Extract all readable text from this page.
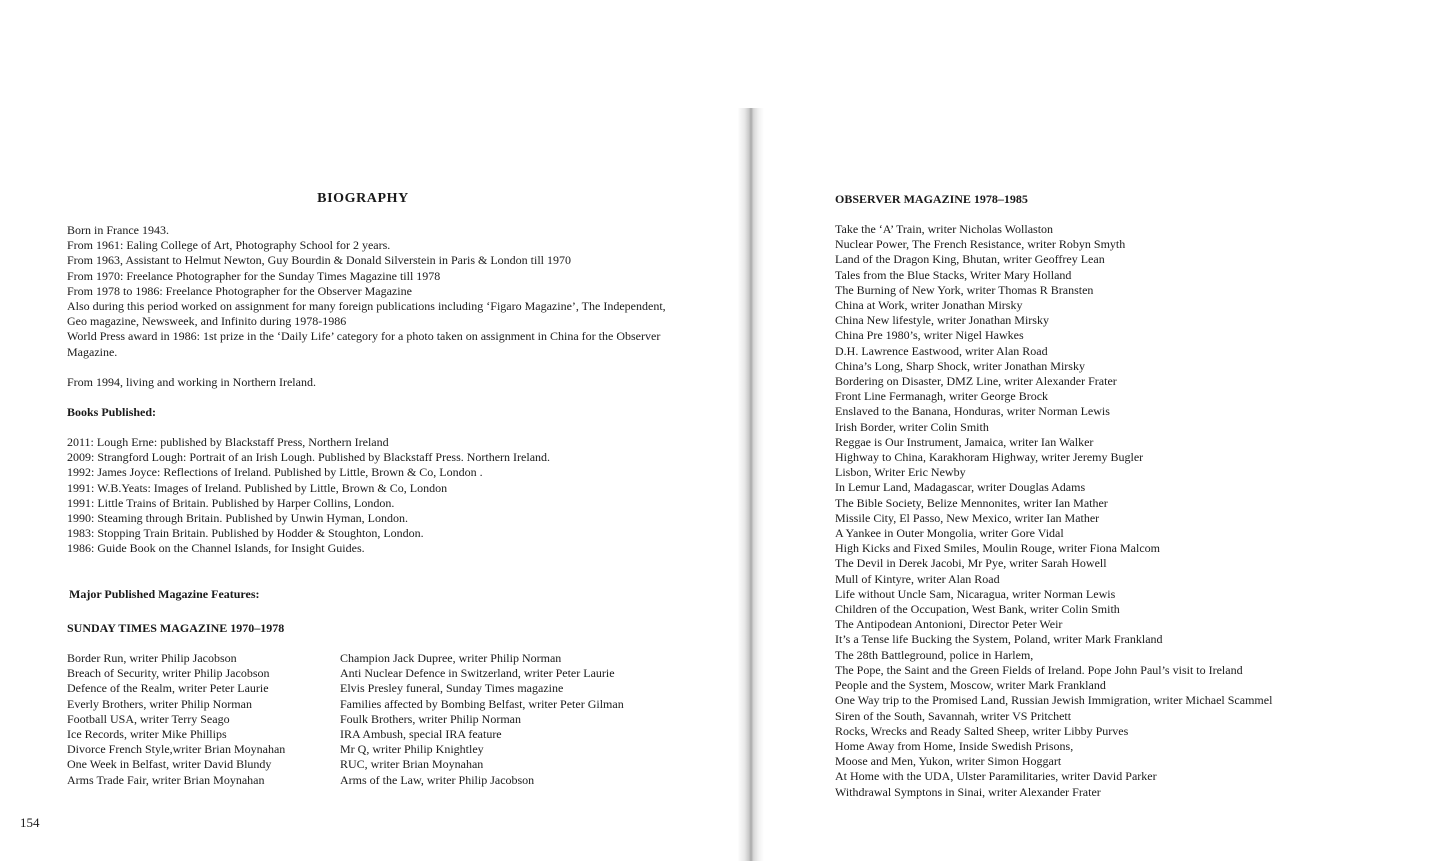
BIOGRAPHY
Born in France 1943.
From 1961: Ealing College of Art, Photography School for 2 years.
From 1963, Assistant to Helmut Newton, Guy Bourdin & Donald Silverstein in Paris & London till 1970
From 1970: Freelance Photographer for the Sunday Times Magazine till 1978
From 1978 to 1986: Freelance Photographer for the Observer Magazine
Also during this period worked on assignment for many foreign publications including ‘Figaro Magazine’, The Independent,
Geo magazine, Newsweek, and Infinito during 1978-1986
World Press award in 1986: 1st prize in the ‘Daily Life’ category for a photo taken on assignment in China for the Observer
Magazine.
From 1994, living and working in Northern Ireland.
Books Published:
2011: Lough Erne: published by Blackstaff Press, Northern Ireland
2009: Strangford Lough: Portrait of an Irish Lough. Published by Blackstaff Press. Northern Ireland.
1992: James Joyce: Reflections of Ireland. Published by Little, Brown & Co, London .
1991: W.B.Yeats: Images of Ireland. Published by Little, Brown & Co, London
1991: Little Trains of Britain. Published by Harper Collins, London.
1990: Steaming through Britain. Published by Unwin Hyman, London.
1983: Stopping Train Britain. Published by Hodder & Stoughton, London.
1986: Guide Book on the Channel Islands, for Insight Guides.
Major Published Magazine Features:
SUNDAY TIMES MAGAZINE 1970–1978
Border Run, writer Philip Jacobson
Breach of Security, writer Philip Jacobson
Defence of the Realm, writer Peter Laurie
Everly Brothers, writer Philip Norman
Football USA, writer Terry Seago
Ice Records, writer Mike Phillips
Divorce French Style,writer Brian Moynahan
One Week in Belfast, writer David Blundy
Arms Trade Fair, writer Brian Moynahan
Champion Jack Dupree, writer Philip Norman
Anti Nuclear Defence in Switzerland, writer Peter Laurie
Elvis Presley funeral, Sunday Times magazine
Families affected by Bombing Belfast, writer Peter Gilman
Foulk Brothers, writer Philip Norman
IRA Ambush, special IRA feature
Mr Q, writer Philip Knightley
RUC, writer Brian Moynahan
Arms of the Law, writer Philip Jacobson
154
OBSERVER MAGAZINE 1978–1985
Take the ‘A’ Train, writer Nicholas Wollaston
Nuclear Power, The French Resistance, writer Robyn Smyth
Land of the Dragon King, Bhutan, writer Geoffrey Lean
Tales from the Blue Stacks, Writer Mary Holland
The Burning of New York, writer Thomas R Bransten
China at Work, writer Jonathan Mirsky
China New lifestyle, writer Jonathan Mirsky
China Pre 1980’s, writer Nigel Hawkes
D.H. Lawrence Eastwood, writer Alan Road
China’s Long, Sharp Shock, writer Jonathan Mirsky
Bordering on Disaster, DMZ Line, writer Alexander Frater
Front Line Fermanagh, writer George Brock
Enslaved to the Banana, Honduras, writer Norman Lewis
Irish Border, writer Colin Smith
Reggae is Our Instrument, Jamaica, writer Ian Walker
Highway to China, Karakhoram Highway, writer Jeremy Bugler
Lisbon, Writer Eric Newby
In Lemur Land, Madagascar, writer Douglas Adams
The Bible Society, Belize Mennonites, writer Ian Mather
Missile City, El Passo, New Mexico, writer Ian Mather
A Yankee in Outer Mongolia, writer Gore Vidal
High Kicks and Fixed Smiles, Moulin Rouge, writer Fiona Malcom
The Devil in Derek Jacobi, Mr Pye, writer Sarah Howell
Mull of Kintyre, writer Alan Road
Life without Uncle Sam, Nicaragua, writer Norman Lewis
Children of the Occupation, West Bank, writer Colin Smith
The Antipodean Antonioni, Director Peter Weir
It’s a Tense life Bucking the System, Poland, writer Mark Frankland
The 28th Battleground, police in Harlem,
The Pope, the Saint and the Green Fields of Ireland. Pope John Paul’s visit to Ireland
People and the System, Moscow, writer Mark Frankland
One Way trip to the Promised Land, Russian Jewish Immigration, writer Michael Scammel
Siren of the South, Savannah, writer VS Pritchett
Rocks, Wrecks and Ready Salted Sheep, writer Libby Purves
Home Away from Home, Inside Swedish Prisons,
Moose and Men, Yukon, writer Simon Hoggart
At Home with the UDA, Ulster Paramilitaries, writer David Parker
Withdrawal Symptons in Sinai, writer Alexander Frater
